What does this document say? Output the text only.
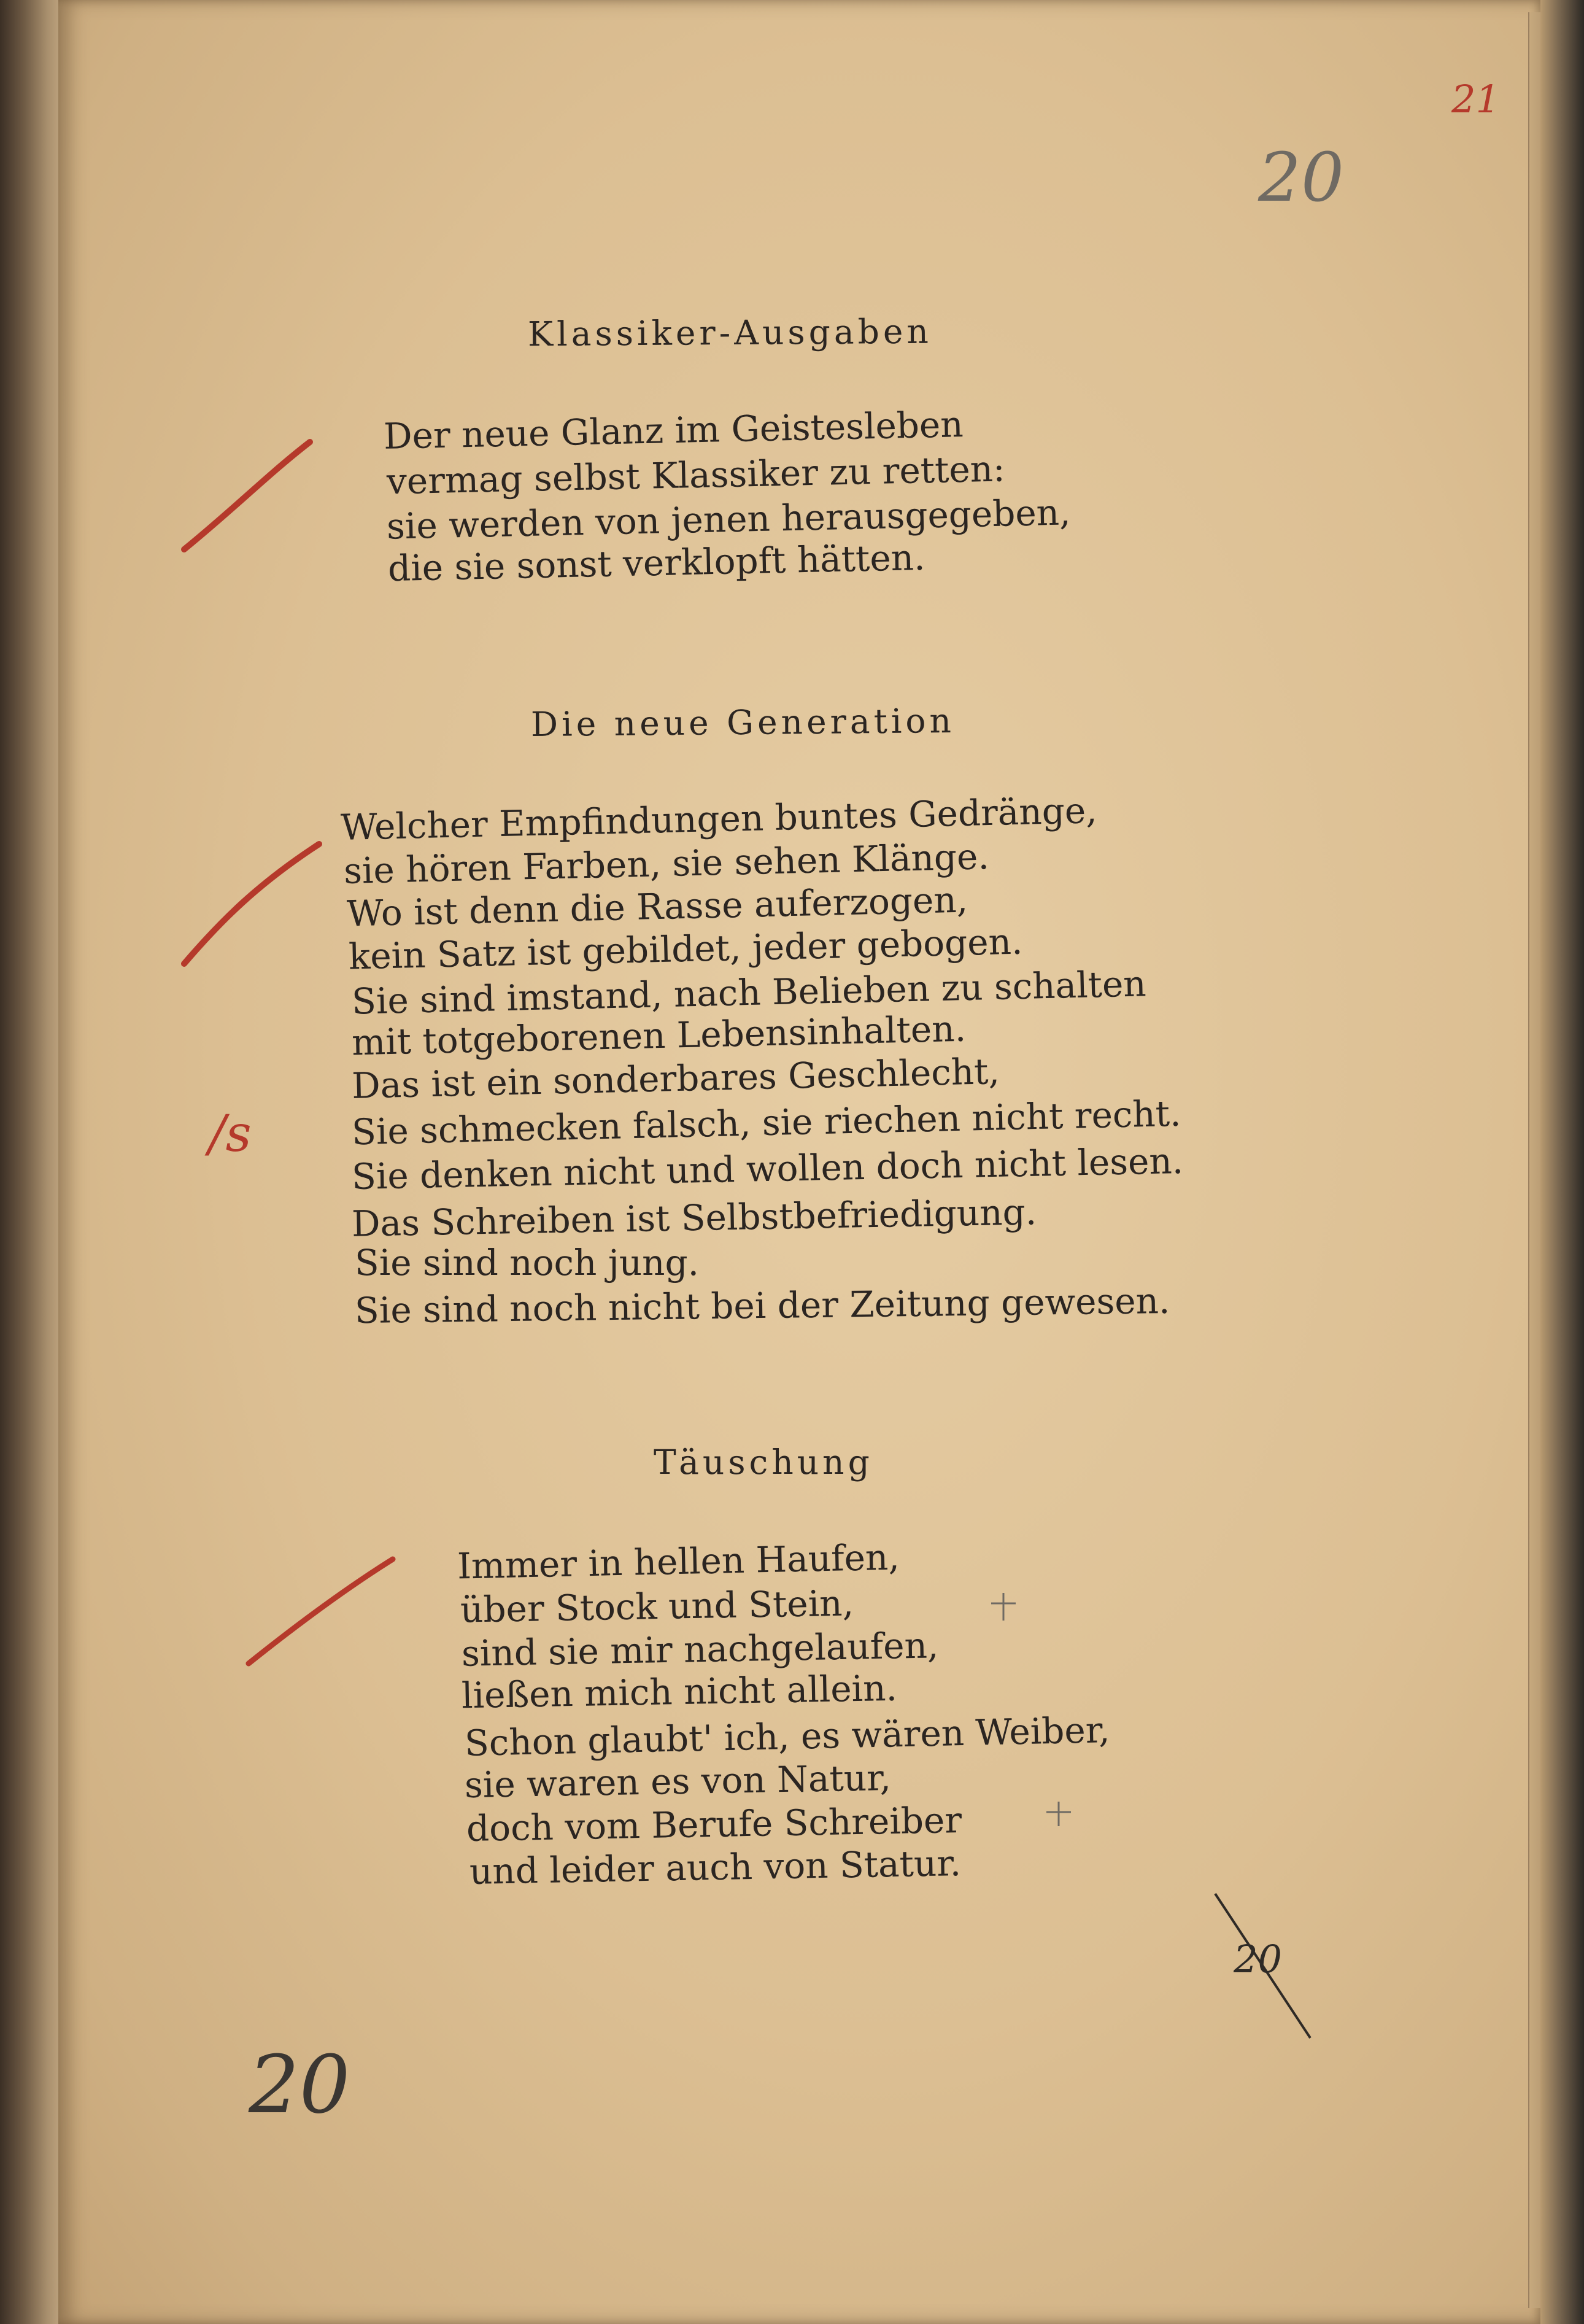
21
20
20
20
/s
Klassiker-Ausgaben
Der neue Glanz im Geistesleben
vermag selbst Klassiker zu retten:
sie werden von jenen herausgegeben,
die sie sonst verklopft hätten.
Die neue Generation
Welcher Empfindungen buntes Gedränge,
sie hören Farben, sie sehen Klänge.
Wo ist denn die Rasse auferzogen,
kein Satz ist gebildet, jeder gebogen.
Sie sind imstand, nach Belieben zu schalten
mit totgeborenen Lebensinhalten.
Das ist ein sonderbares Geschlecht,
Sie schmecken falsch, sie riechen nicht recht.
Sie denken nicht und wollen doch nicht lesen.
Das Schreiben ist Selbstbefriedigung.
Sie sind noch jung.
Sie sind noch nicht bei der Zeitung gewesen.
Täuschung
Immer in hellen Haufen,
über Stock und Stein,
sind sie mir nachgelaufen,
ließen mich nicht allein.
Schon glaubt' ich, es wären Weiber,
sie waren es von Natur,
doch vom Berufe Schreiber
und leider auch von Statur.
